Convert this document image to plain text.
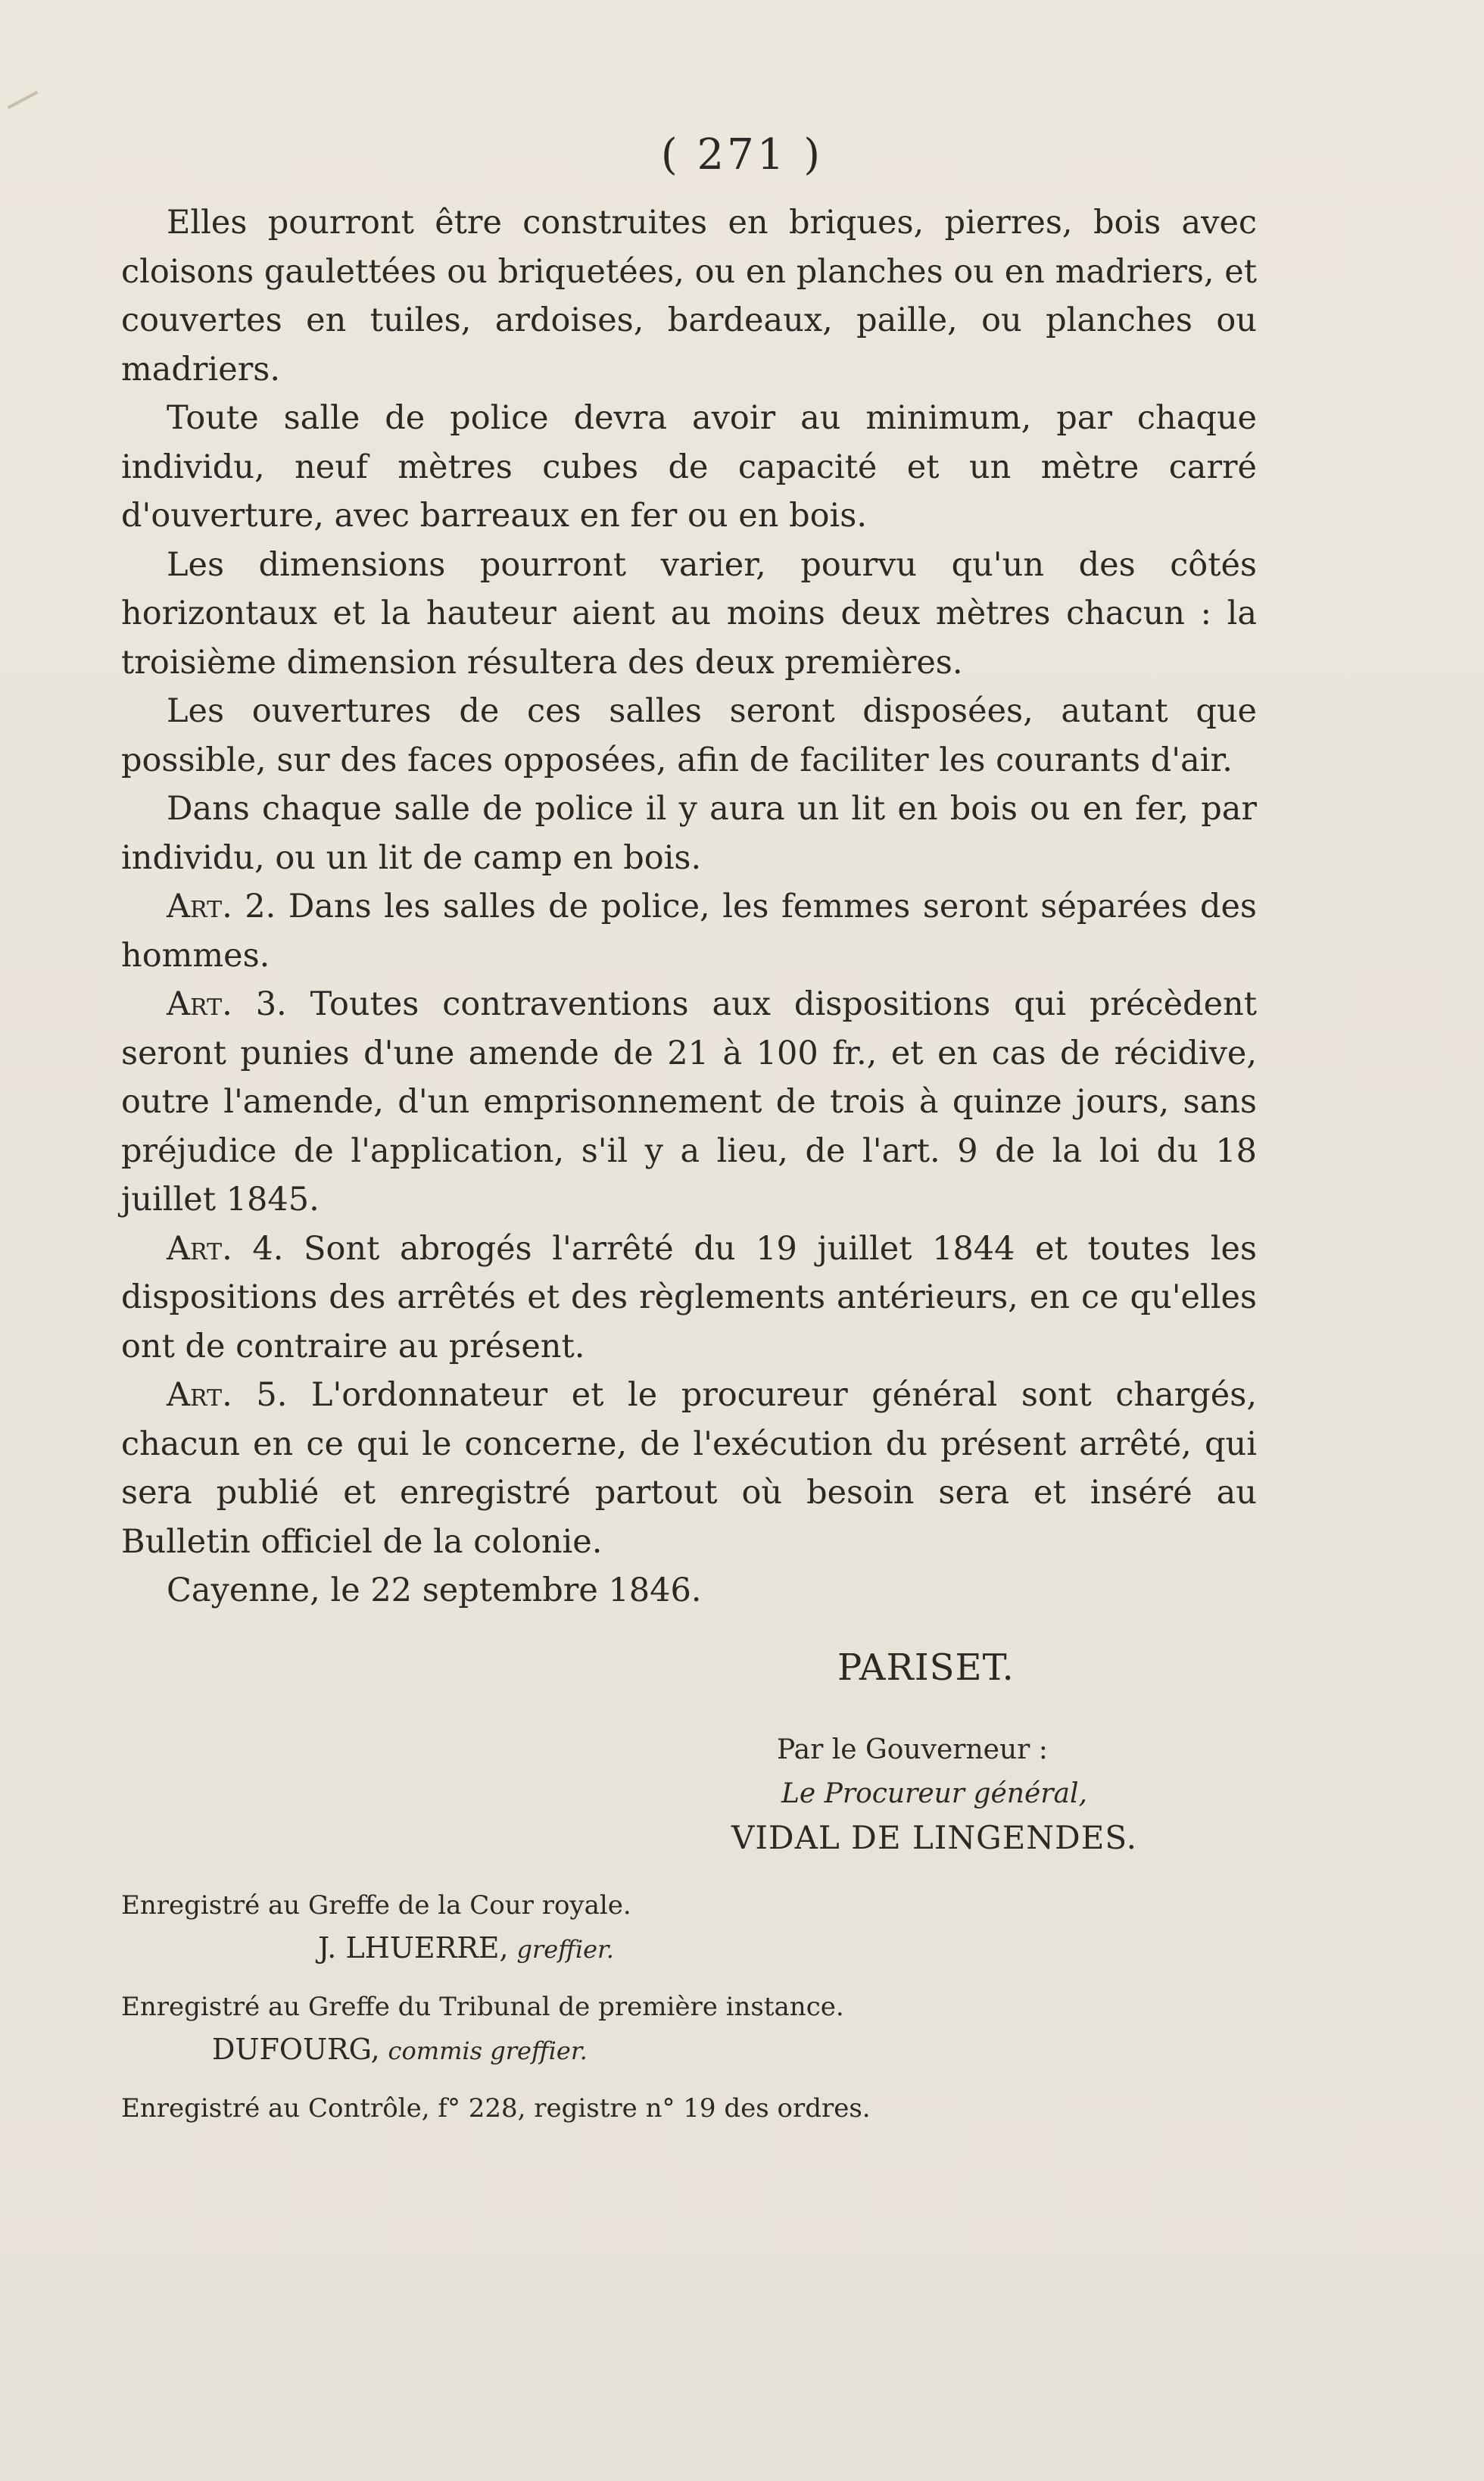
( 271 )

Elles pourront être construites en briques, pierres, bois avec cloisons gaulettées ou briquetées, ou en planches ou en madriers, et couvertes en tuiles, ardoises, bardeaux, paille, ou planches ou madriers.

Toute salle de police devra avoir au minimum, par chaque individu, neuf mètres cubes de capacité et un mètre carré d'ouverture, avec barreaux en fer ou en bois.

Les dimensions pourront varier, pourvu qu'un des côtés horizontaux et la hauteur aient au moins deux mètres chacun : la troisième dimension résultera des deux premières.

Les ouvertures de ces salles seront disposées, autant que possible, sur des faces opposées, afin de faciliter les courants d'air.

Dans chaque salle de police il y aura un lit en bois ou en fer, par individu, ou un lit de camp en bois.

Art. 2. Dans les salles de police, les femmes seront séparées des hommes.

Art. 3. Toutes contraventions aux dispositions qui précèdent seront punies d'une amende de 21 à 100 fr., et en cas de récidive, outre l'amende, d'un emprisonnement de trois à quinze jours, sans préjudice de l'application, s'il y a lieu, de l'art. 9 de la loi du 18 juillet 1845.

Art. 4. Sont abrogés l'arrêté du 19 juillet 1844 et toutes les dispositions des arrêtés et des règlements antérieurs, en ce qu'elles ont de contraire au présent.

Art. 5. L'ordonnateur et le procureur général sont chargés, chacun en ce qui le concerne, de l'exécution du présent arrêté, qui sera publié et enregistré partout où besoin sera et inséré au Bulletin officiel de la colonie.

Cayenne, le 22 septembre 1846.

PARISET.
Par le Gouverneur :
Le Procureur général,
VIDAL DE LINGENDES.
Enregistré au Greffe de la Cour royale.
J. LHUERRE, greffier.
Enregistré au Greffe du Tribunal de première instance.
DUFOURG, commis greffier.
Enregistré au Contrôle, f° 228, registre n° 19 des ordres.
